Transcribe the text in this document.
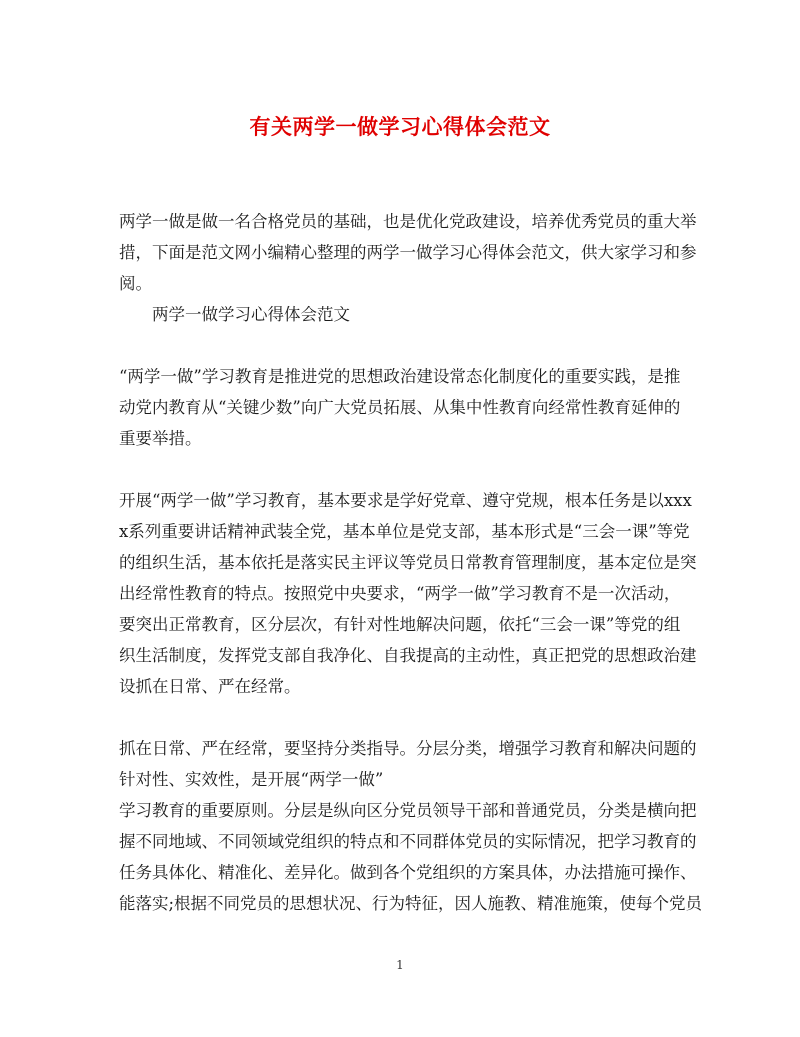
有关两学一做学习心得体会范文
两学一做是做一名合格党员的基础，也是优化党政建设，培养优秀党员的重大举
措，下面是范文网小编精心整理的两学一做学习心得体会范文，供大家学习和参
阅。
两学一做学习心得体会范文
“两学一做”学习教育是推进党的思想政治建设常态化制度化的重要实践，是推
动党内教育从“关键少数”向广大党员拓展、从集中性教育向经常性教育延伸的
重要举措。
开展“两学一做”学习教育，基本要求是学好党章、遵守党规，根本任务是以xxx
x系列重要讲话精神武装全党，基本单位是党支部，基本形式是“三会一课”等党
的组织生活，基本依托是落实民主评议等党员日常教育管理制度，基本定位是突
出经常性教育的特点。按照党中央要求，“两学一做”学习教育不是一次活动，
要突出正常教育，区分层次，有针对性地解决问题，依托“三会一课”等党的组
织生活制度，发挥党支部自我净化、自我提高的主动性，真正把党的思想政治建
设抓在日常、严在经常。
抓在日常、严在经常，要坚持分类指导。分层分类，增强学习教育和解决问题的
针对性、实效性，是开展“两学一做”
学习教育的重要原则。分层是纵向区分党员领导干部和普通党员，分类是横向把
握不同地域、不同领域党组织的特点和不同群体党员的实际情况，把学习教育的
任务具体化、精准化、差异化。做到各个党组织的方案具体，办法措施可操作、
能落实;根据不同党员的思想状况、行为特征，因人施教、精准施策，使每个党员
1
